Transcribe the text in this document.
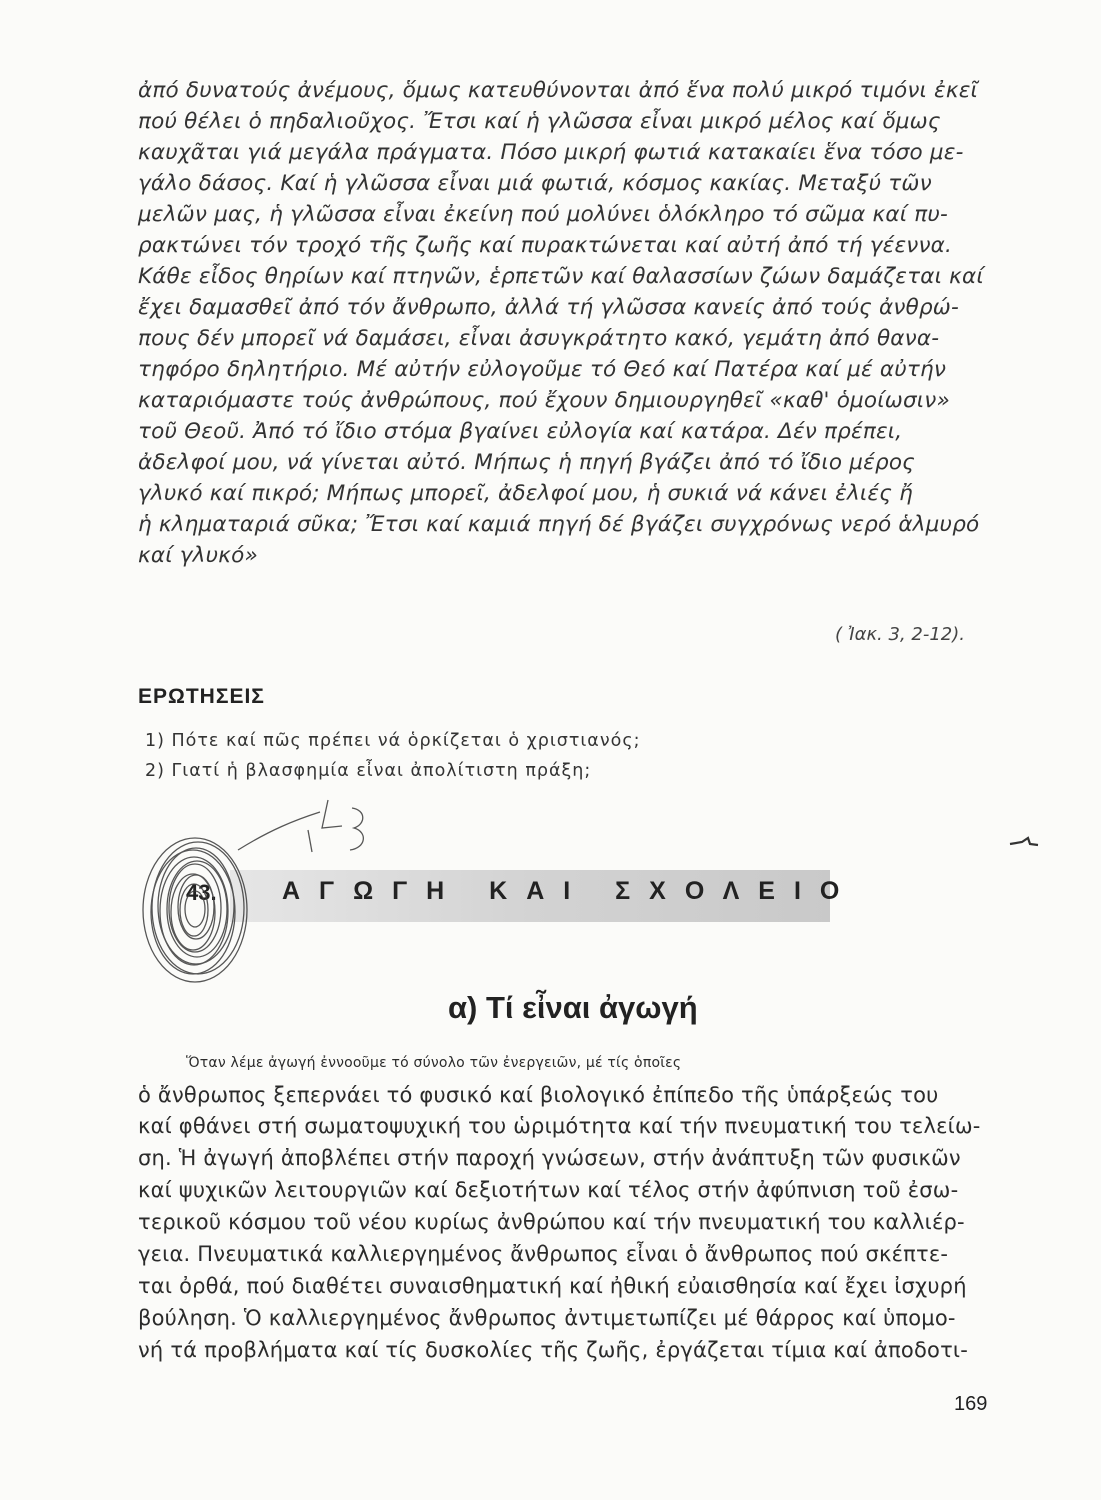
ἀπό δυνατούς ἀνέμους, ὅμως κατευθύνονται ἀπό ἕνα πολύ μικρό τιμόνι ἐκεῖ
πού θέλει ὁ πηδαλιοῦχος. Ἔτσι καί ἡ γλῶσσα εἶναι μικρό μέλος καί ὅμως
καυχᾶται γιά μεγάλα πράγματα. Πόσο μικρή φωτιά κατακαίει ἕνα τόσο με-
γάλο δάσος. Καί ἡ γλῶσσα εἶναι μιά φωτιά, κόσμος κακίας. Μεταξύ τῶν
μελῶν μας, ἡ γλῶσσα εἶναι ἐκείνη πού μολύνει ὁλόκληρο τό σῶμα καί πυ-
ρακτώνει τόν τροχό τῆς ζωῆς καί πυρακτώνεται καί αὐτή ἀπό τή γέεννα.
Κάθε εἶδος θηρίων καί πτηνῶν, ἑρπετῶν καί θαλασσίων ζώων δαμάζεται καί
ἔχει δαμασθεῖ ἀπό τόν ἄνθρωπο, ἀλλά τή γλῶσσα κανείς ἀπό τούς ἀνθρώ-
πους δέν μπορεῖ νά δαμάσει, εἶναι ἀσυγκράτητο κακό, γεμάτη ἀπό θανα-
τηφόρο δηλητήριο. Μέ αὐτήν εὐλογοῦμε τό Θεό καί Πατέρα καί μέ αὐτήν
καταριόμαστε τούς ἀνθρώπους, πού ἔχουν δημιουργηθεῖ «καθ' ὁμοίωσιν»
τοῦ Θεοῦ. Ἀπό τό ἴδιο στόμα βγαίνει εὐλογία καί κατάρα. Δέν πρέπει,
ἀδελφοί μου, νά γίνεται αὐτό. Μήπως ἡ πηγή βγάζει ἀπό τό ἴδιο μέρος
γλυκό καί πικρό; Μήπως μπορεῖ, ἀδελφοί μου, ἡ συκιά νά κάνει ἐλιές ἤ
ἡ κληματαριά σῦκα; Ἔτσι καί καμιά πηγή δέ βγάζει συγχρόνως νερό ἁλμυρό
καί γλυκό»
( Ἰακ. 3, 2-12).
ΕΡΩΤΗΣΕΙΣ
1) Πότε καί πῶς πρέπει νά ὁρκίζεται ὁ χριστιανός;
2) Γιατί ἡ βλασφημία εἶναι ἀπολίτιστη πράξη;
43.	ΑΓΩΓΗ ΚΑΙ ΣΧΟΛΕΙΟ
α) Τί εἶναι ἀγωγή
Ὅταν λέμε ἀγωγή ἐννοοῦμε τό σύνολο τῶν ἐνεργειῶν, μέ τίς ὁποῖες
ὁ ἄνθρωπος ξεπερνάει τό φυσικό καί βιολογικό ἐπίπεδο τῆς ὑπάρξεώς του
καί φθάνει στή σωματοψυχική του ὡριμότητα καί τήν πνευματική του τελείω-
ση. Ἡ ἀγωγή ἀποβλέπει στήν παροχή γνώσεων, στήν ἀνάπτυξη τῶν φυσικῶν
καί ψυχικῶν λειτουργιῶν καί δεξιοτήτων καί τέλος στήν ἀφύπνιση τοῦ ἐσω-
τερικοῦ κόσμου τοῦ νέου κυρίως ἀνθρώπου καί τήν πνευματική του καλλιέρ-
γεια. Πνευματικά καλλιεργημένος ἄνθρωπος εἶναι ὁ ἄνθρωπος πού σκέπτε-
ται ὀρθά, πού διαθέτει συναισθηματική καί ἠθική εὐαισθησία καί ἔχει ἰσχυρή
βούληση. Ὁ καλλιεργημένος ἄνθρωπος ἀντιμετωπίζει μέ θάρρος καί ὑπομο-
νή τά προβλήματα καί τίς δυσκολίες τῆς ζωῆς, ἐργάζεται τίμια καί ἀποδοτι-
169
